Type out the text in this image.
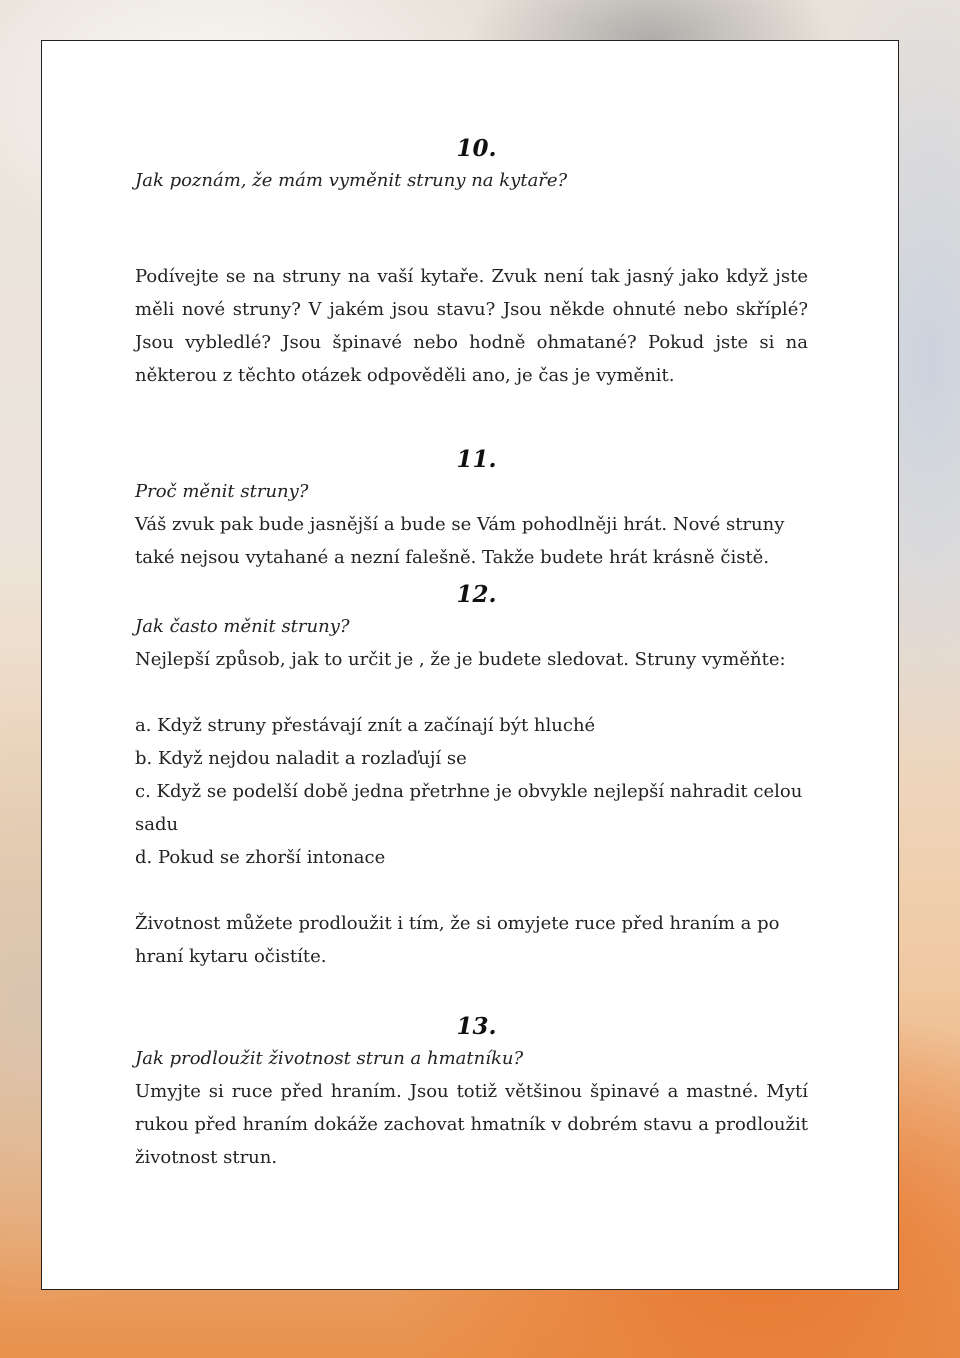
10.

Jak poznám, že mám vyměnit struny na kytaře?

Podívejte se na struny na vaší kytaře. Zvuk není tak jasný jako když jste měli nové struny? V jakém jsou stavu? Jsou někde ohnuté nebo skříplé? Jsou vybledlé? Jsou špinavé nebo hodně ohmatané? Pokud jste si na některou z těchto otázek odpověděli ano, je čas je vyměnit.

11.

Proč měnit struny?

Váš zvuk pak bude jasnější a bude se Vám pohodlněji hrát. Nové struny také nejsou vytahané a nezní falešně. Takže budete hrát krásně čistě.

12.

Jak často měnit struny?

Nejlepší způsob, jak to určit je , že je budete sledovat. Struny vyměňte:

a. Když struny přestávají znít a začínají být hluché

b. Když nejdou naladit a rozlaďují se

c. Když se podelší době jedna přetrhne je obvykle nejlepší nahradit celou sadu

d. Pokud se zhorší intonace

Životnost můžete prodloužit i tím, že si omyjete ruce před hraním a po hraní kytaru očistíte.

13.

Jak prodloužit životnost strun a hmatníku?

Umyjte si ruce před hraním. Jsou totiž většinou špinavé a mastné. Mytí rukou před hraním dokáže zachovat hmatník v dobrém stavu a prodloužit životnost strun.
